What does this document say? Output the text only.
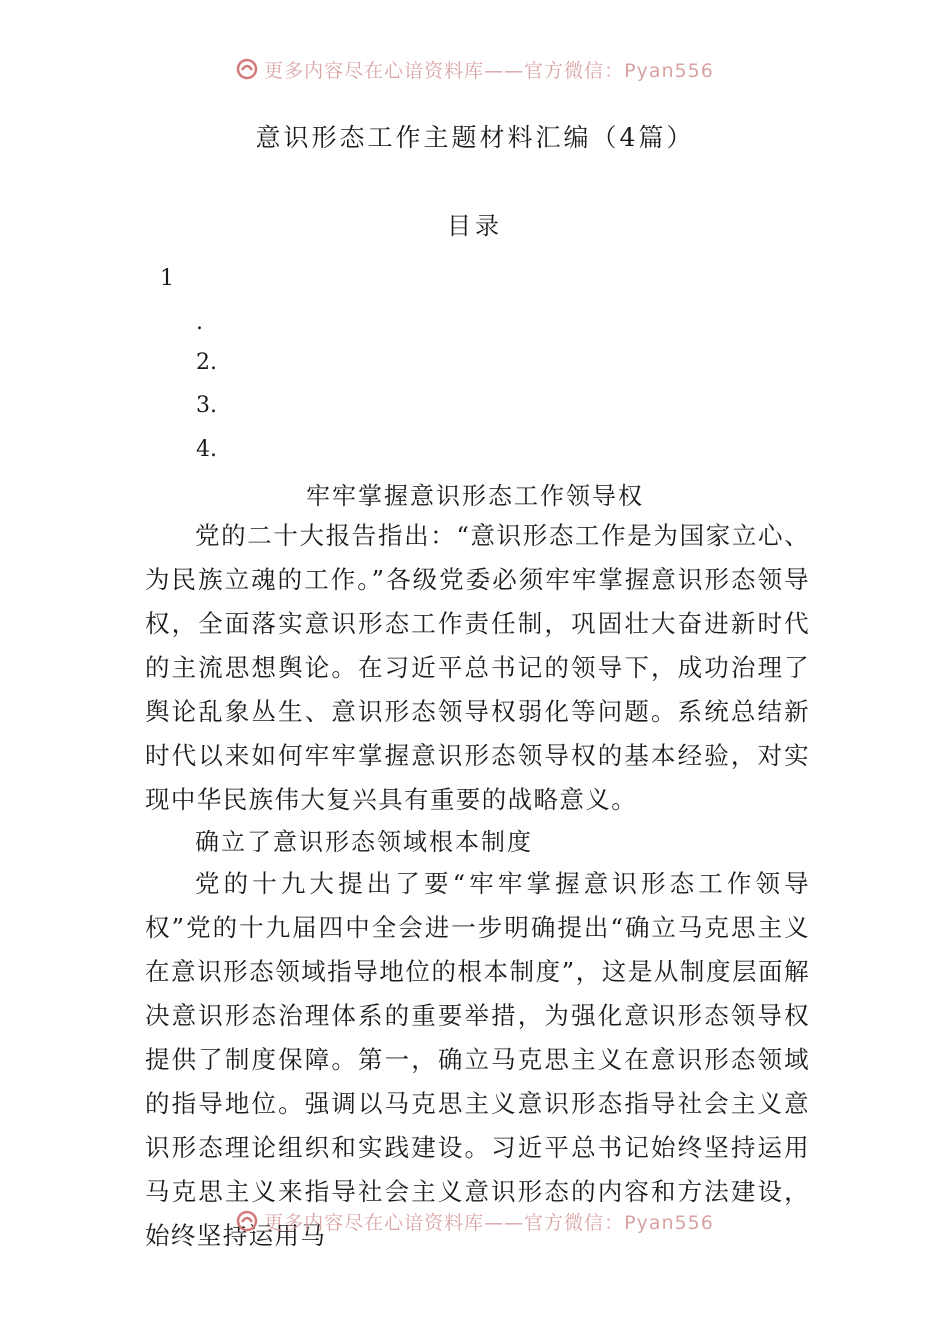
更多内容尽在心谙资料库——官方微信：Pyan556
意识形态工作主题材料汇编（4篇）
目录
1
.
2.
3.
4.
牢牢掌握意识形态工作领导权

党的二十大报告指出：“意识形态工作是为国家立心、为民族立魂的工作。”各级党委必须牢牢掌握意识形态领导权，全面落实意识形态工作责任制，巩固壮大奋进新时代的主流思想舆论。在习近平总书记的领导下，成功治理了舆论乱象丛生、意识形态领导权弱化等问题。系统总结新时代以来如何牢牢掌握意识形态领导权的基本经验，对实现中华民族伟大复兴具有重要的战略意义。

确立了意识形态领域根本制度

党的十九大提出了要“牢牢掌握意识形态工作领导权”党的十九届四中全会进一步明确提出“确立马克思主义在意识形态领域指导地位的根本制度”，这是从制度层面解决意识形态治理体系的重要举措，为强化意识形态领导权提供了制度保障。第一，确立马克思主义在意识形态领域的指导地位。强调以马克思主义意识形态指导社会主义意识形态理论组织和实践建设。习近平总书记始终坚持运用马克思主义来指导社会主义意识形态的内容和方法建设，始终坚持运用马

更多内容尽在心谙资料库——官方微信：Pyan556
